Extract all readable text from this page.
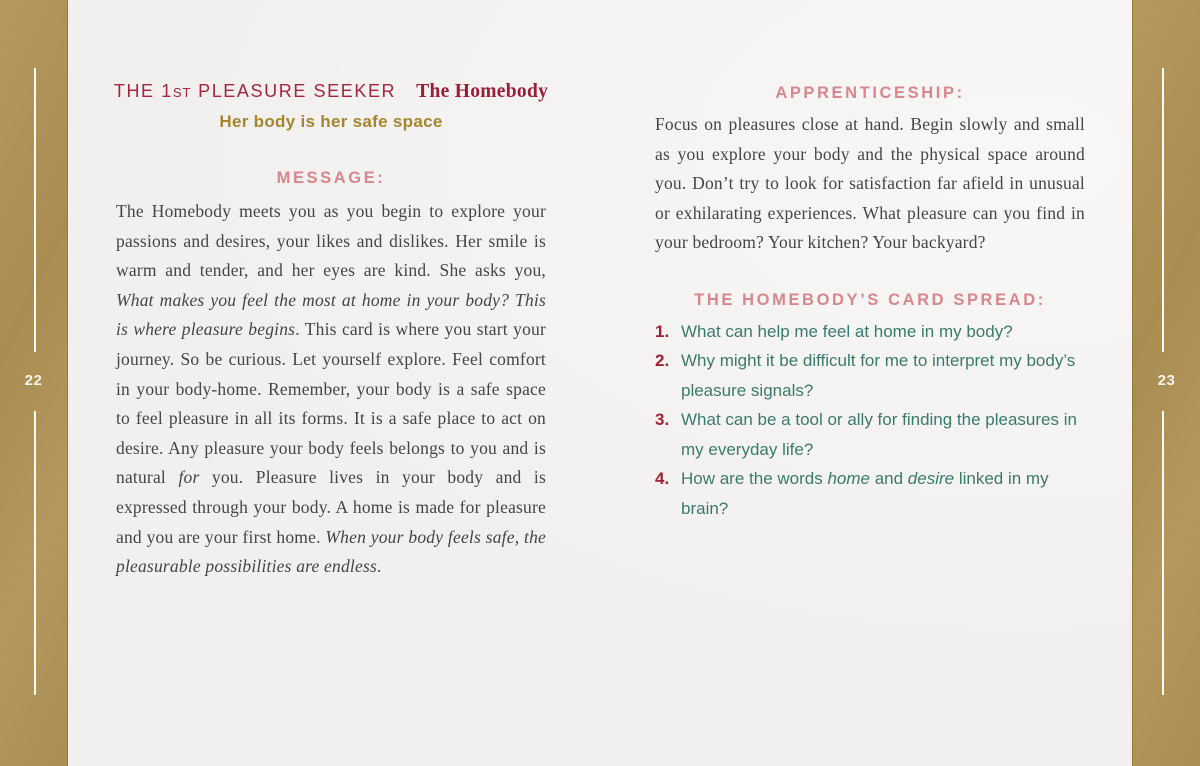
22	23
THE 1ST PLEASURE SEEKER The Homebody
Her body is her safe space
MESSAGE:

The Homebody meets you as you begin to explore your passions and desires, your likes and dislikes. Her smile is warm and tender, and her eyes are kind. She asks you, What makes you feel the most at home in your body? This is where pleasure begins. This card is where you start your journey. So be curious. Let yourself explore. Feel comfort in your body-home. Remember, your body is a safe space to feel pleasure in all its forms. It is a safe place to act on desire. Any pleasure your body feels belongs to you and is natural for you. Pleasure lives in your body and is expressed through your body. A home is made for pleasure and you are your first home. When your body feels safe, the pleasurable possibilities are endless.

APPRENTICESHIP:

Focus on pleasures close at hand. Begin slowly and small as you explore your body and the physical space around you. Don’t try to look for satisfaction far afield in unusual or exhilarating experiences. What pleasure can you find in your bedroom? Your kitchen? Your backyard?

THE HOMEBODY’S CARD SPREAD:
1. What can help me feel at home in my body?
2. Why might it be difficult for me to interpret my body’s pleasure signals?
3. What can be a tool or ally for finding the pleasures in my everyday life?
4. How are the words home and desire linked in my brain?
